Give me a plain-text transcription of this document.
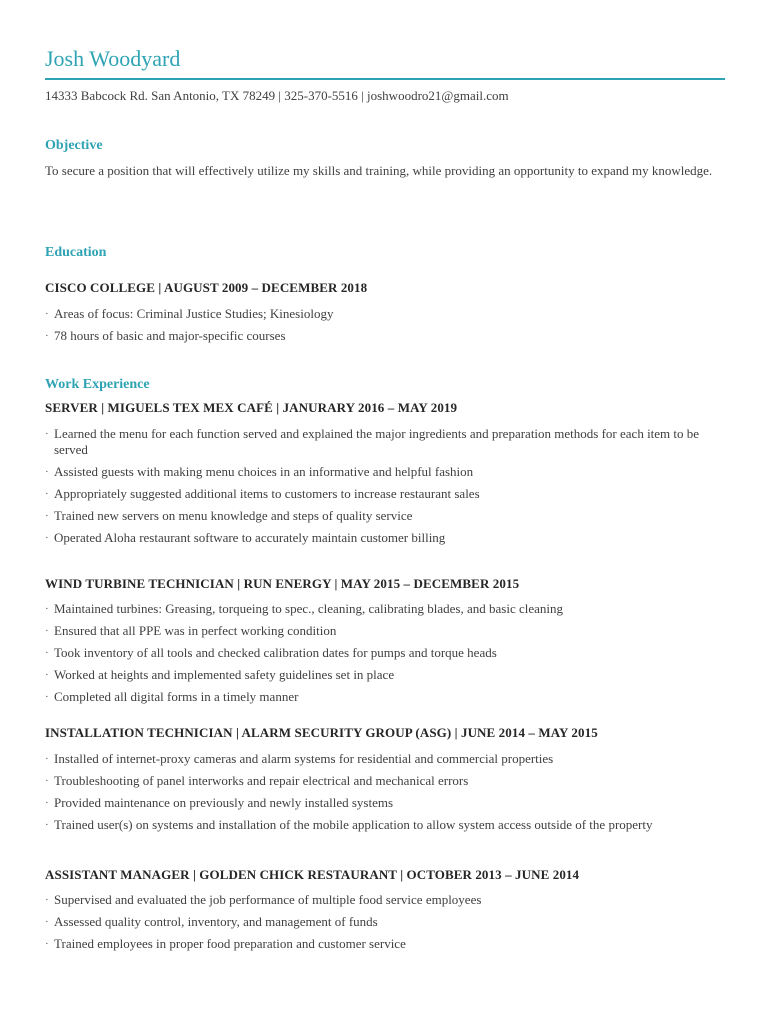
Josh Woodyard
14333 Babcock Rd. San Antonio, TX 78249 | 325-370-5516 | joshwoodro21@gmail.com
Objective

To secure a position that will effectively utilize my skills and training, while providing an opportunity to expand my knowledge.

Education
CISCO COLLEGE | AUGUST 2009 – DECEMBER 2018
· Areas of focus: Criminal Justice Studies; Kinesiology
· 78 hours of basic and major-specific courses
Work Experience
SERVER | MIGUELS TEX MEX CAFÉ | JANURARY 2016 – MAY 2019
· Learned the menu for each function served and explained the major ingredients and preparation methods for each item to be served
· Assisted guests with making menu choices in an informative and helpful fashion
· Appropriately suggested additional items to customers to increase restaurant sales
· Trained new servers on menu knowledge and steps of quality service
· Operated Aloha restaurant software to accurately maintain customer billing
WIND TURBINE TECHNICIAN | RUN ENERGY | MAY 2015 – DECEMBER 2015
· Maintained turbines: Greasing, torqueing to spec., cleaning, calibrating blades, and basic cleaning
· Ensured that all PPE was in perfect working condition
· Took inventory of all tools and checked calibration dates for pumps and torque heads
· Worked at heights and implemented safety guidelines set in place
· Completed all digital forms in a timely manner
INSTALLATION TECHNICIAN | ALARM SECURITY GROUP (ASG) | JUNE 2014 – MAY 2015
· Installed of internet-proxy cameras and alarm systems for residential and commercial properties
· Troubleshooting of panel interworks and repair electrical and mechanical errors
· Provided maintenance on previously and newly installed systems
· Trained user(s) on systems and installation of the mobile application to allow system access outside of the property
ASSISTANT MANAGER | GOLDEN CHICK RESTAURANT | OCTOBER 2013 – JUNE 2014
· Supervised and evaluated the job performance of multiple food service employees
· Assessed quality control, inventory, and management of funds
· Trained employees in proper food preparation and customer service
